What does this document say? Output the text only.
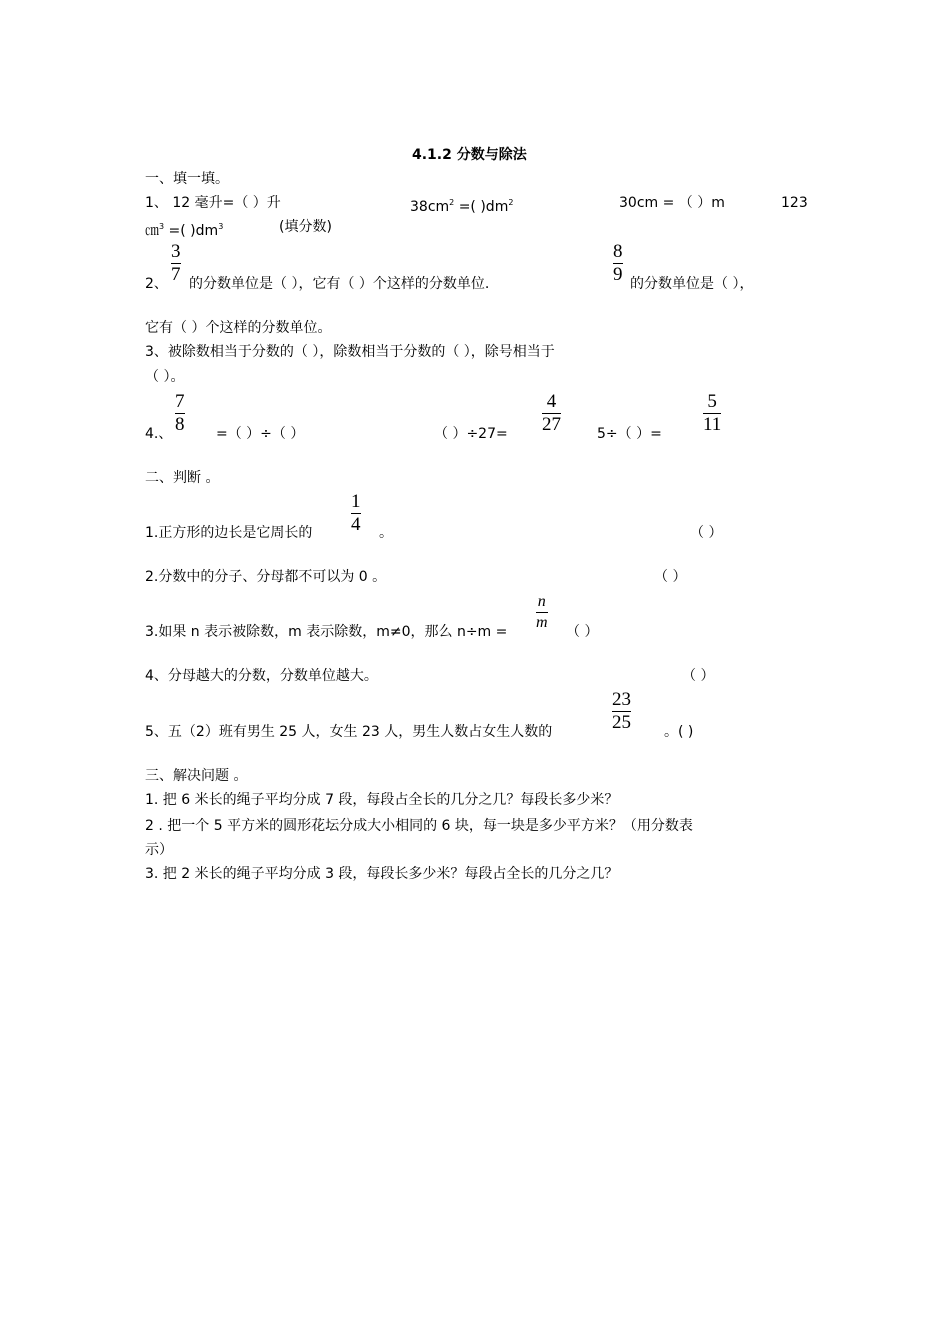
4.1.2 分数与除法
一、填一填。
1、 12 毫升=（ ）升	$38cm^2$ =( )$dm^2$	30cm = （ ）m	123
㎝$^3$ =( )$dm^3$	(填分数)
2、
3
7 的分数单位是（ ），它有（ ）个这样的分数单位.
8
9 的分数单位是（ ），
它有（ ）个这样的分数单位。
3、被除数相当于分数的（ ），除数相当于分数的（ ），除号相当于
（ ）。
4.、
7
8 =（ ）÷（ ）	（ ）÷27=
4
27	5÷（ ）=
5
11
二、判断 。
1.正方形的边长是它周长的
1
4 。	（ ）
2.分数中的分子、分母都不可以为 0 。	（ ）
3.如果 n 表示被除数，m 表示除数，m≠0，那么 n÷m =
n
m
（ ）
4、分母越大的分数，分数单位越大。	（ ）
5、五（2）班有男生 25 人，女生 23 人，男生人数占女生人数的
23
25 。( )
三、解决问题 。
1. 把 6 米长的绳子平均分成 7 段，每段占全长的几分之几？每段长多少米？
2 . 把一个 5 平方米的圆形花坛分成大小相同的 6 块，每一块是多少平方米？（用分数表
示）
3. 把 2 米长的绳子平均分成 3 段，每段长多少米？每段占全长的几分之几？
